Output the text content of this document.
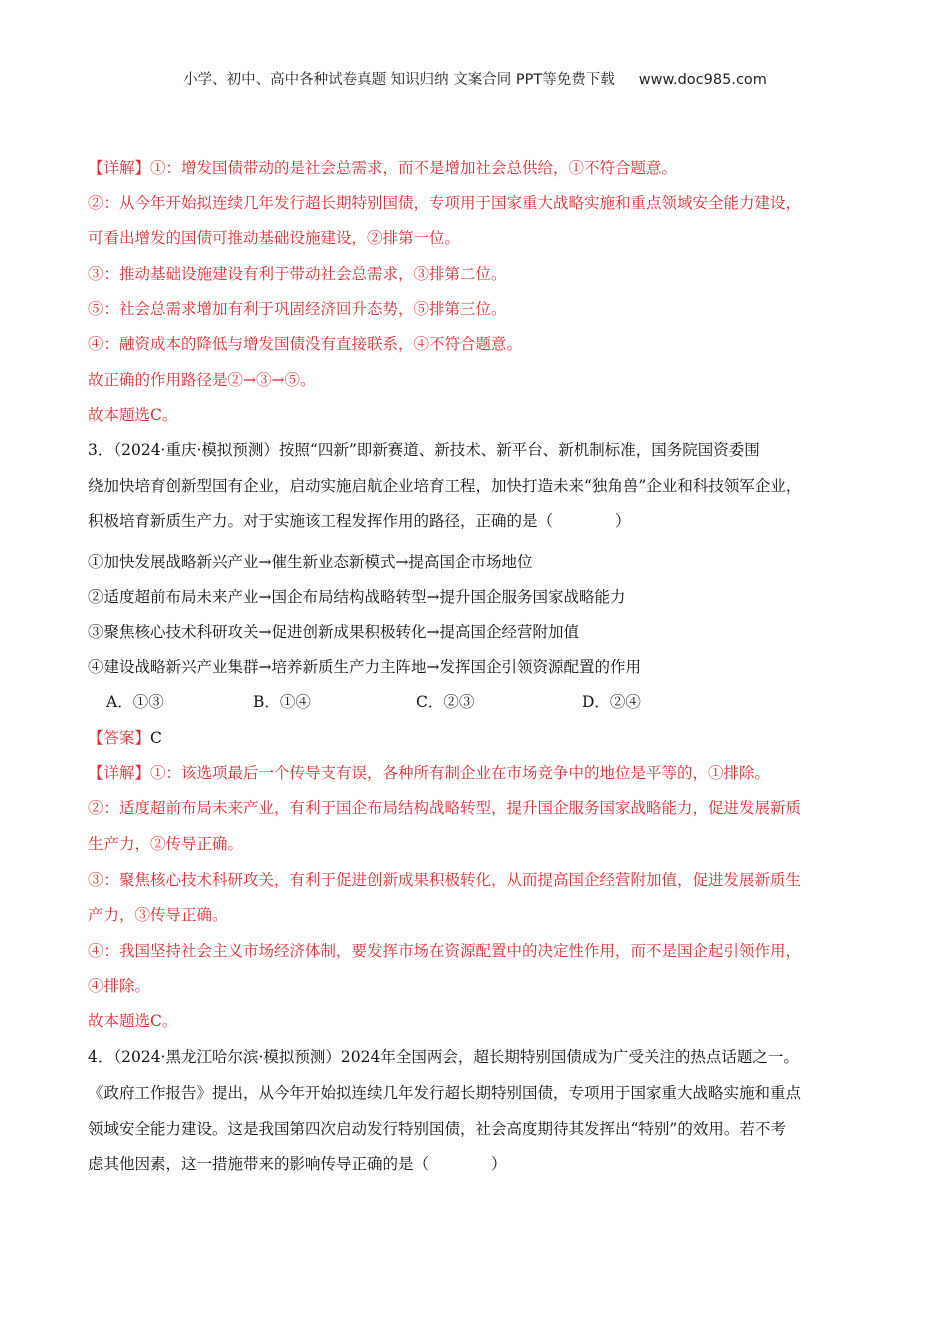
小学、初中、高中各种试卷真题 知识归纳 文案合同 PPT等免费下载 www.doc985.com
【详解】①：增发国债带动的是社会总需求，而不是增加社会总供给，①不符合题意。
②：从今年开始拟连续几年发行超长期特别国债，专项用于国家重大战略实施和重点领域安全能力建设，
可看出增发的国债可推动基础设施建设，②排第一位。
③：推动基础设施建设有利于带动社会总需求，③排第二位。
⑤：社会总需求增加有利于巩固经济回升态势，⑤排第三位。
④：融资成本的降低与增发国债没有直接联系，④不符合题意。
故正确的作用路径是②→③→⑤。
故本题选C。
3．（2024·重庆·模拟预测）按照“四新”即新赛道、新技术、新平台、新机制标准，国务院国资委围
绕加快培育创新型国有企业，启动实施启航企业培育工程，加快打造未来“独角兽”企业和科技领军企业，
积极培育新质生产力。对于实施该工程发挥作用的路径，正确的是（　　　　）
①加快发展战略新兴产业→催生新业态新模式→提高国企市场地位
②适度超前布局未来产业→国企布局结构战略转型→提升国企服务国家战略能力
③聚焦核心技术科研攻关→促进创新成果积极转化→提高国企经营附加值
④建设战略新兴产业集群→培养新质生产力主阵地→发挥国企引领资源配置的作用
A．①③	B．①④	C．②③	D．②④
【答案】C
【详解】①：该选项最后一个传导支有误，各种所有制企业在市场竞争中的地位是平等的，①排除。
②：适度超前布局未来产业，有利于国企布局结构战略转型，提升国企服务国家战略能力，促进发展新质
生产力，②传导正确。
③：聚焦核心技术科研攻关，有利于促进创新成果积极转化，从而提高国企经营附加值，促进发展新质生
产力，③传导正确。
④：我国坚持社会主义市场经济体制，要发挥市场在资源配置中的决定性作用，而不是国企起引领作用，
④排除。
故本题选C。
4．（2024·黑龙江哈尔滨·模拟预测）2024年全国两会，超长期特别国债成为广受关注的热点话题之一。
《政府工作报告》提出，从今年开始拟连续几年发行超长期特别国债，专项用于国家重大战略实施和重点
领域安全能力建设。这是我国第四次启动发行特别国债，社会高度期待其发挥出“特别”的效用。若不考
虑其他因素，这一措施带来的影响传导正确的是（　　　　）
